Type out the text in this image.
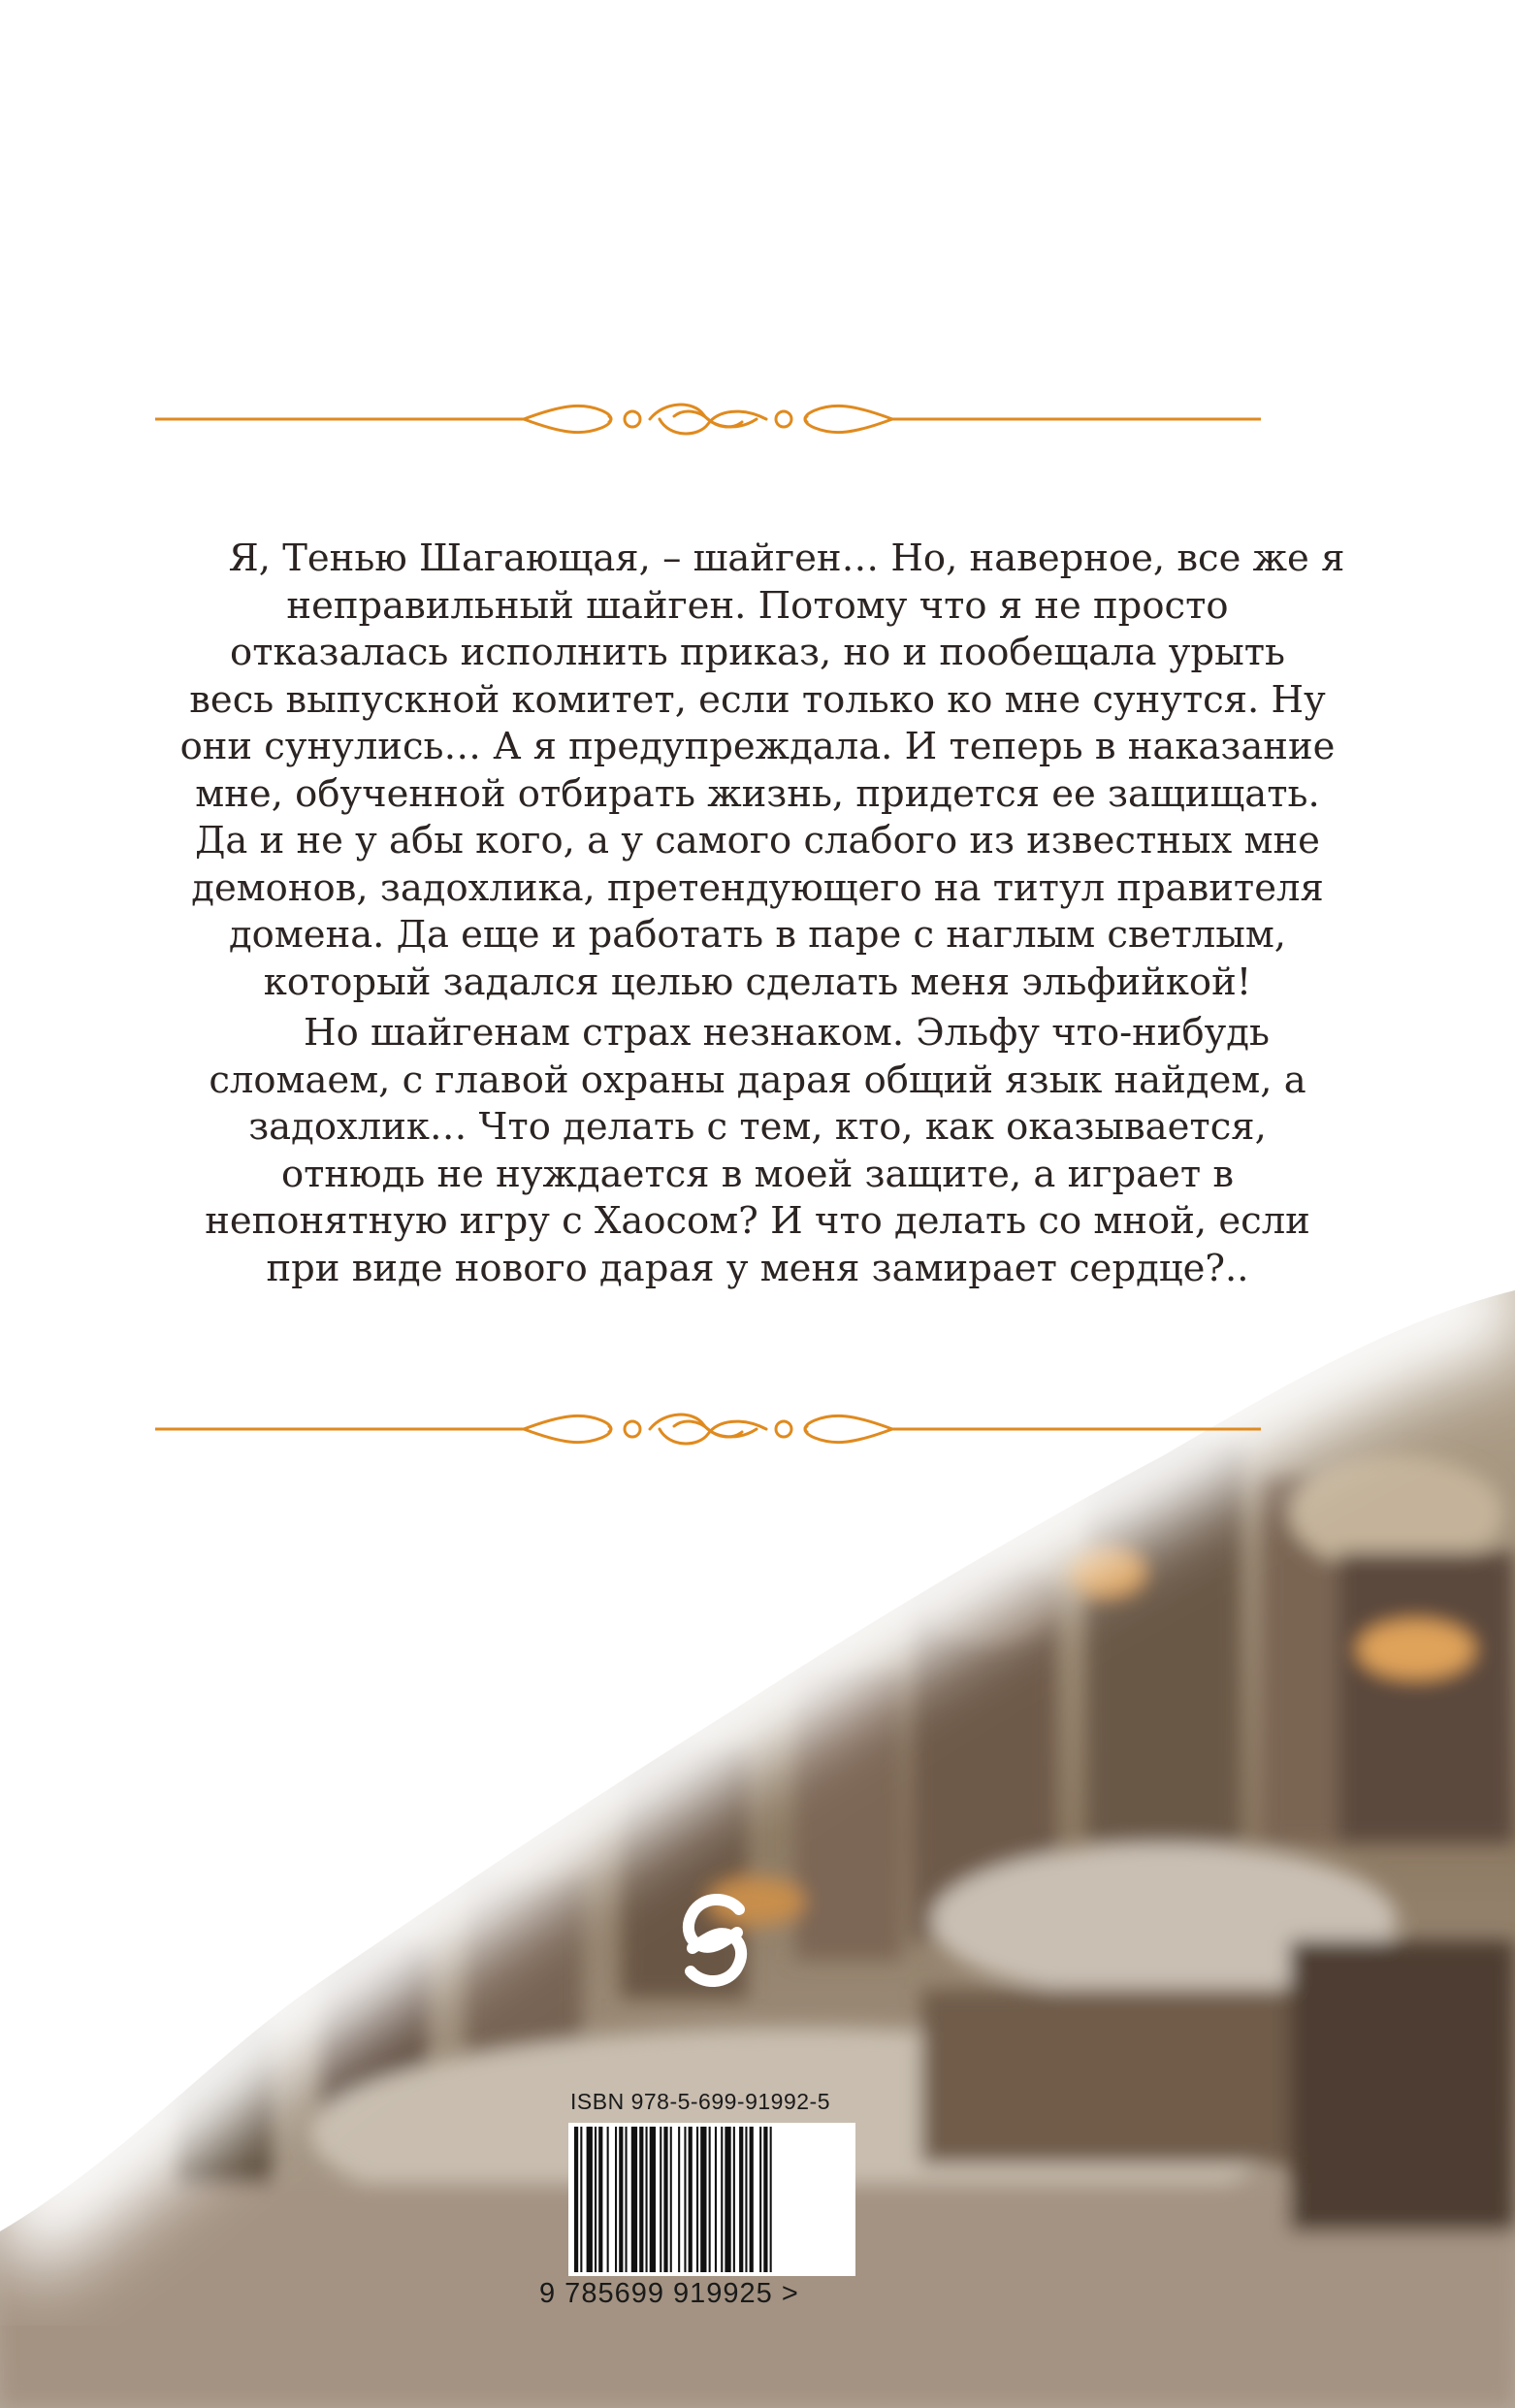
Я, Тенью Шагающая, – шайген… Но, наверное, все же я
неправильный шайген. Потому что я не просто
отказалась исполнить приказ, но и пообещала урыть
весь выпускной комитет, если только ко мне сунутся. Ну
они сунулись… А я предупреждала. И теперь в наказание
мне, обученной отбирать жизнь, придется ее защищать.
Да и не у абы кого, а у самого слабого из известных мне
демонов, задохлика, претендующего на титул правителя
домена. Да еще и работать в паре с наглым светлым,
который задался целью сделать меня эльфийкой!

Но шайгенам страх незнаком. Эльфу что-нибудь
сломаем, с главой охраны дарая общий язык найдем, а
задохлик… Что делать с тем, кто, как оказывается,
отнюдь не нуждается в моей защите, а играет в
непонятную игру с Хаосом? И что делать со мной, если
при виде нового дарая у меня замирает сердце?..

ISBN 978-5-699-91992-5
9 785699 919925 >
